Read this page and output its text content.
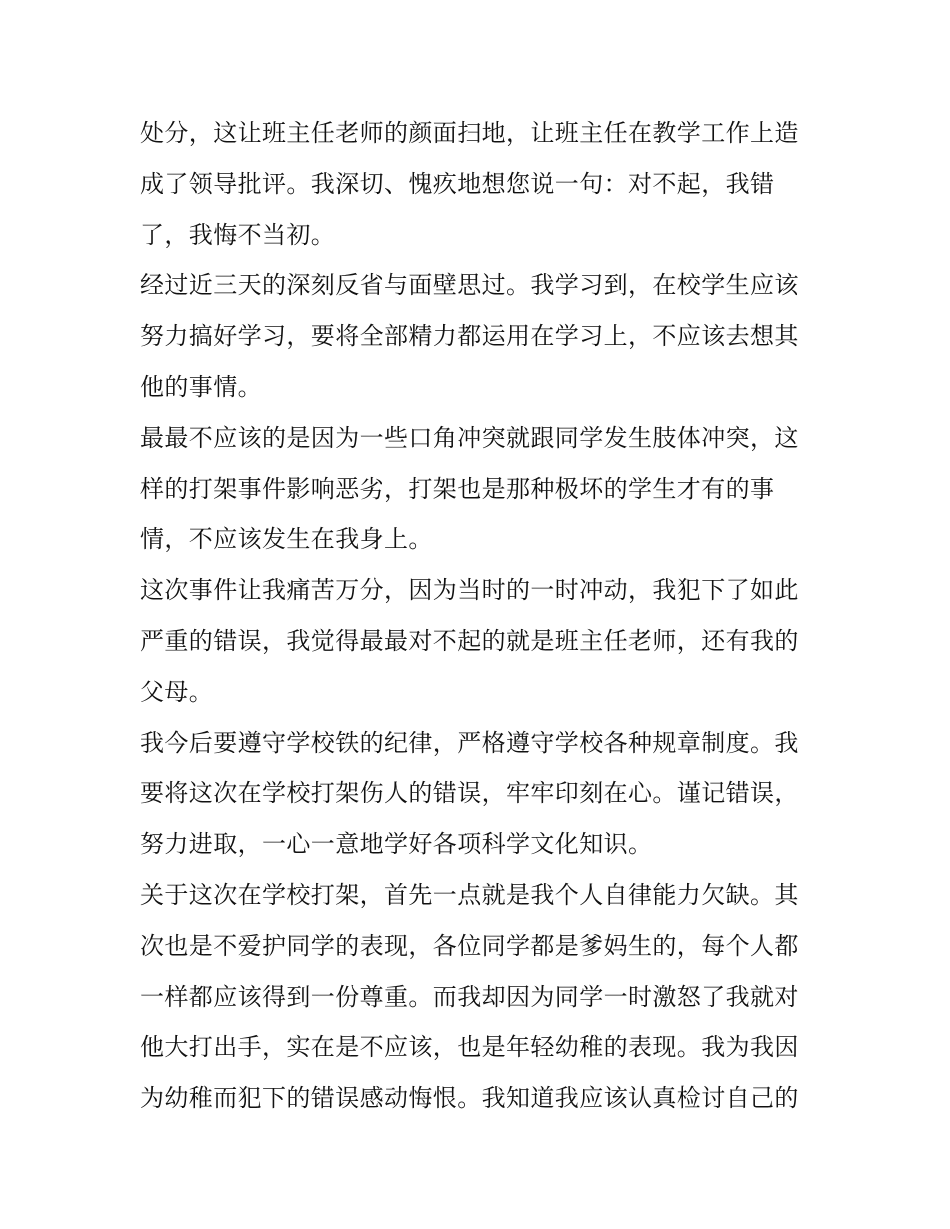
处分，这让班主任老师的颜面扫地，让班主任在教学工作上造
成了领导批评。我深切、愧疚地想您说一句：对不起，我错
了，我悔不当初。
经过近三天的深刻反省与面壁思过。我学习到，在校学生应该
努力搞好学习，要将全部精力都运用在学习上，不应该去想其
他的事情。
最最不应该的是因为一些口角冲突就跟同学发生肢体冲突，这
样的打架事件影响恶劣，打架也是那种极坏的学生才有的事
情，不应该发生在我身上。
这次事件让我痛苦万分，因为当时的一时冲动，我犯下了如此
严重的错误，我觉得最最对不起的就是班主任老师，还有我的
父母。
我今后要遵守学校铁的纪律，严格遵守学校各种规章制度。我
要将这次在学校打架伤人的错误，牢牢印刻在心。谨记错误，
努力进取，一心一意地学好各项科学文化知识。
关于这次在学校打架，首先一点就是我个人自律能力欠缺。其
次也是不爱护同学的表现，各位同学都是爹妈生的，每个人都
一样都应该得到一份尊重。而我却因为同学一时激怒了我就对
他大打出手，实在是不应该，也是年轻幼稚的表现。我为我因
为幼稚而犯下的错误感动悔恨。我知道我应该认真检讨自己的
